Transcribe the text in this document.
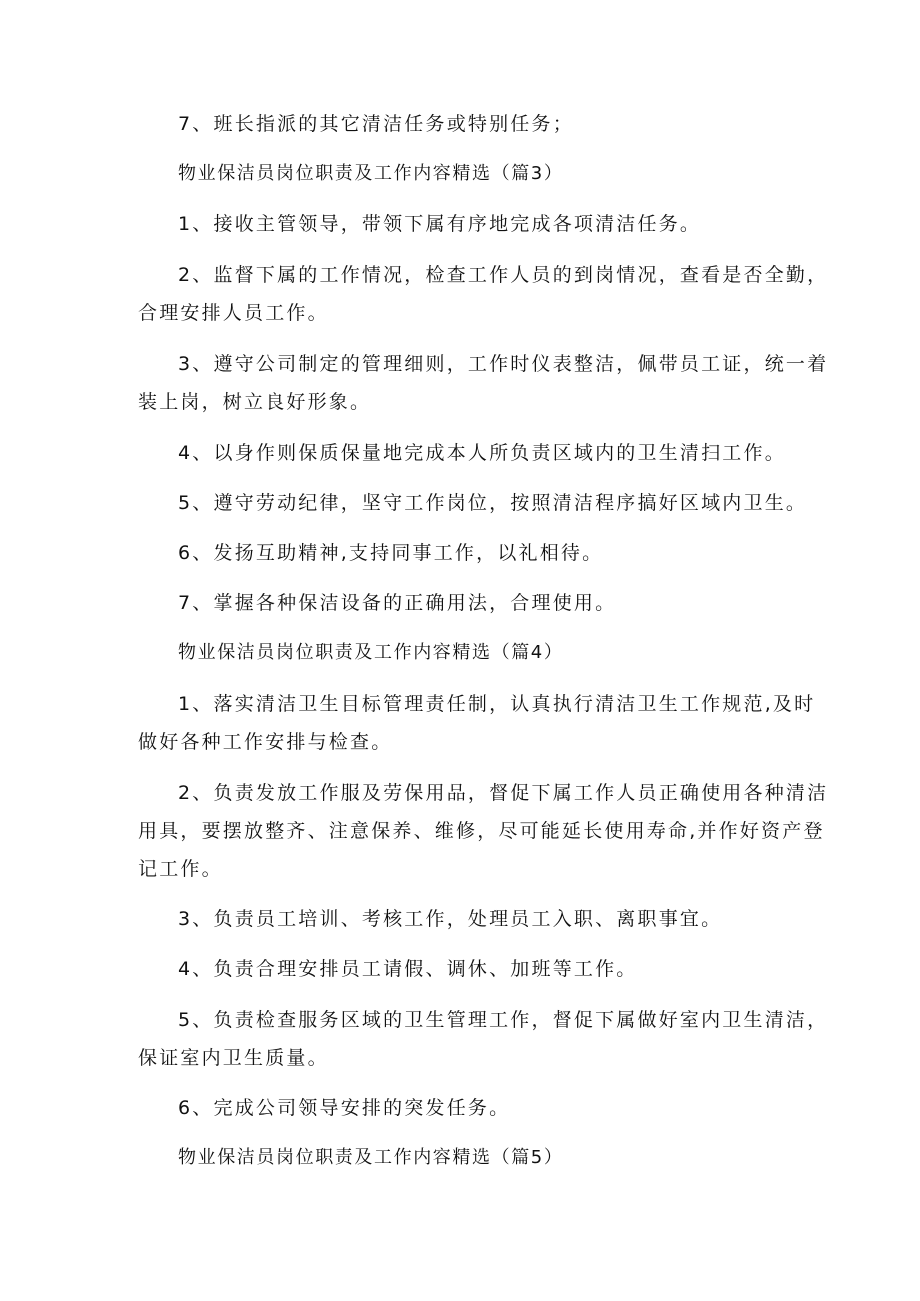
7、班长指派的其它清洁任务或特别任务；
物业保洁员岗位职责及工作内容精选（篇3）
1、接收主管领导，带领下属有序地完成各项清洁任务。
2、监督下属的工作情况，检查工作人员的到岗情况，查看是否全勤，
合理安排人员工作。
3、遵守公司制定的管理细则，工作时仪表整洁，佩带员工证，统一着
装上岗，树立良好形象。
4、以身作则保质保量地完成本人所负责区域内的卫生清扫工作。
5、遵守劳动纪律，坚守工作岗位，按照清洁程序搞好区域内卫生。
6、发扬互助精神,支持同事工作，以礼相待。
7、掌握各种保洁设备的正确用法，合理使用。
物业保洁员岗位职责及工作内容精选（篇4）
1、落实清洁卫生目标管理责任制，认真执行清洁卫生工作规范,及时
做好各种工作安排与检查。
2、负责发放工作服及劳保用品，督促下属工作人员正确使用各种清洁
用具，要摆放整齐、注意保养、维修，尽可能延长使用寿命,并作好资产登
记工作。
3、负责员工培训、考核工作，处理员工入职、离职事宜。
4、负责合理安排员工请假、调休、加班等工作。
5、负责检查服务区域的卫生管理工作，督促下属做好室内卫生清洁，
保证室内卫生质量。
6、完成公司领导安排的突发任务。
物业保洁员岗位职责及工作内容精选（篇5）
